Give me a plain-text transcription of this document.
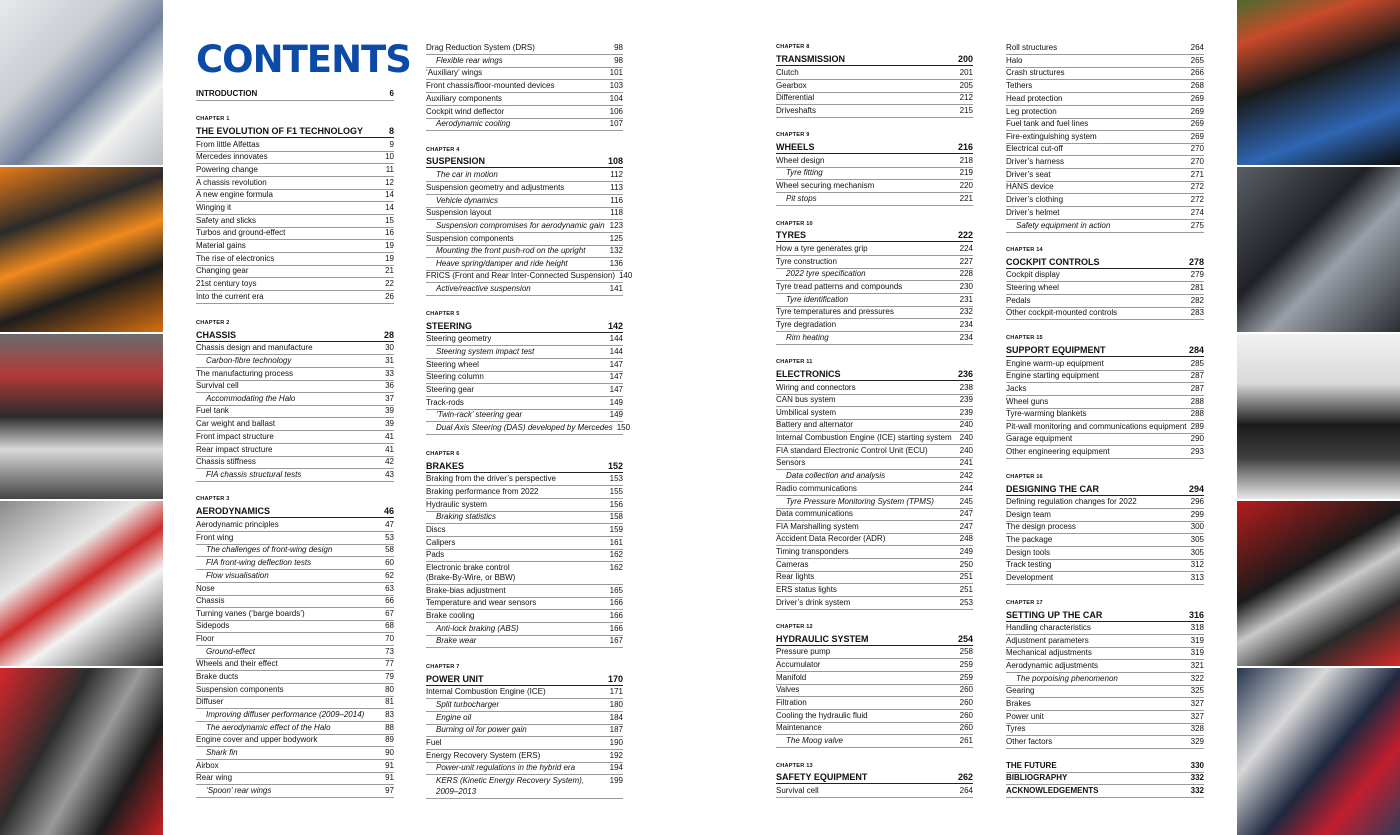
CONTENTS
INTRODUCTION	6
CHAPTER 1
THE EVOLUTION OF F1 TECHNOLOGY	8
From little Alfettas	9
Mercedes innovates	10
Powering change	11
A chassis revolution	12
A new engine formula	14
Winging it	14
Safety and slicks	15
Turbos and ground-effect	16
Material gains	19
The rise of electronics	19
Changing gear	21
21st century toys	22
Into the current era	26
CHAPTER 2
CHASSIS	28
Chassis design and manufacture	30
Carbon-fibre technology	31
The manufacturing process	33
Survival cell	36
Accommodating the Halo	37
Fuel tank	39
Car weight and ballast	39
Front impact structure	41
Rear impact structure	41
Chassis stiffness	42
FIA chassis structural tests	43
CHAPTER 3
AERODYNAMICS	46
Aerodynamic principles	47
Front wing	53
The challenges of front-wing design	58
FIA front-wing deflection tests	60
Flow visualisation	62
Nose	63
Chassis	66
Turning vanes (‘barge boards’)	67
Sidepods	68
Floor	70
Ground-effect	73
Wheels and their effect	77
Brake ducts	79
Suspension components	80
Diffuser	81
Improving diffuser performance (2009–2014)	83
The aerodynamic effect of the Halo	88
Engine cover and upper bodywork	89
Shark fin	90
Airbox	91
Rear wing	91
‘Spoon’ rear wings	97
Drag Reduction System (DRS)	98
Flexible rear wings	98
‘Auxiliary’ wings	101
Front chassis/floor-mounted devices	103
Auxiliary components	104
Cockpit wind deflector	106
Aerodynamic cooling	107
CHAPTER 4
SUSPENSION	108
The car in motion	112
Suspension geometry and adjustments	113
Vehicle dynamics	116
Suspension layout	118
Suspension compromises for aerodynamic gain 123
Suspension components	125
Mounting the front push-rod on the upright	132
Heave spring/damper and ride height	136
FRICS (Front and Rear Inter-Connected Suspension) 140
Active/reactive suspension	141
CHAPTER 5
STEERING	142
Steering geometry	144
Steering system impact test	144
Steering wheel	147
Steering column	147
Steering gear	147
Track-rods	149
‘Twin-rack’ steering gear	149
Dual Axis Steering (DAS) developed by Mercedes 150
CHAPTER 6
BRAKES	152
Braking from the driver’s perspective	153
Braking performance from 2022	155
Hydraulic system	156
Braking statistics	158
Discs	159
Calipers	161
Pads	162
Electronic brake control	162
(Brake-By-Wire, or BBW)
Brake-bias adjustment	165
Temperature and wear sensors	166
Brake cooling	166
Anti-lock braking (ABS)	166
Brake wear	167
CHAPTER 7
POWER UNIT	170
Internal Combustion Engine (ICE)	171
Split turbocharger	180
Engine oil	184
Burning oil for power gain	187
Fuel	190
Energy Recovery System (ERS)	192
Power-unit regulations in the hybrid era	194
KERS (Kinetic Energy Recovery System),	199
2009–2013
CHAPTER 8
TRANSMISSION	200
Clutch	201
Gearbox	205
Differential	212
Driveshafts	215
CHAPTER 9
WHEELS	216
Wheel design	218
Tyre fitting	219
Wheel securing mechanism	220
Pit stops	221
CHAPTER 10
TYRES	222
How a tyre generates grip	224
Tyre construction	227
2022 tyre specification	228
Tyre tread patterns and compounds	230
Tyre identification	231
Tyre temperatures and pressures	232
Tyre degradation	234
Rim heating	234
CHAPTER 11
ELECTRONICS	236
Wiring and connectors	238
CAN bus system	239
Umbilical system	239
Battery and alternator	240
Internal Combustion Engine (ICE) starting system	240
FIA standard Electronic Control Unit (ECU)	240
Sensors	241
Data collection and analysis	242
Radio communications	244
Tyre Pressure Monitoring System (TPMS)	245
Data communications	247
FIA Marshalling system	247
Accident Data Recorder (ADR)	248
Timing transponders	249
Cameras	250
Rear lights	251
ERS status lights	251
Driver’s drink system	253
CHAPTER 12
HYDRAULIC SYSTEM	254
Pressure pump	258
Accumulator	259
Manifold	259
Valves	260
Filtration	260
Cooling the hydraulic fluid	260
Maintenance	260
The Moog valve	261
CHAPTER 13
SAFETY EQUIPMENT	262
Survival cell	264
Roll structures	264
Halo	265
Crash structures	266
Tethers	268
Head protection	269
Leg protection	269
Fuel tank and fuel lines	269
Fire-extinguishing system	269
Electrical cut-off	270
Driver’s harness	270
Driver’s seat	271
HANS device	272
Driver’s clothing	272
Driver’s helmet	274
Safety equipment in action	275
CHAPTER 14
COCKPIT CONTROLS	278
Cockpit display	279
Steering wheel	281
Pedals	282
Other cockpit-mounted controls	283
CHAPTER 15
SUPPORT EQUIPMENT	284
Engine warm-up equipment	285
Engine starting equipment	287
Jacks	287
Wheel guns	288
Tyre-warming blankets	288
Pit-wall monitoring and communications equipment 289
Garage equipment	290
Other engineering equipment	293
CHAPTER 16
DESIGNING THE CAR	294
Defining regulation changes for 2022	296
Design team	299
The design process	300
The package	305
Design tools	305
Track testing	312
Development	313
CHAPTER 17
SETTING UP THE CAR	316
Handling characteristics	318
Adjustment parameters	319
Mechanical adjustments	319
Aerodynamic adjustments	321
The porpoising phenomenon	322
Gearing	325
Brakes	327
Power unit	327
Tyres	328
Other factors	329
THE FUTURE	330
BIBLIOGRAPHY	332
ACKNOWLEDGEMENTS	332
